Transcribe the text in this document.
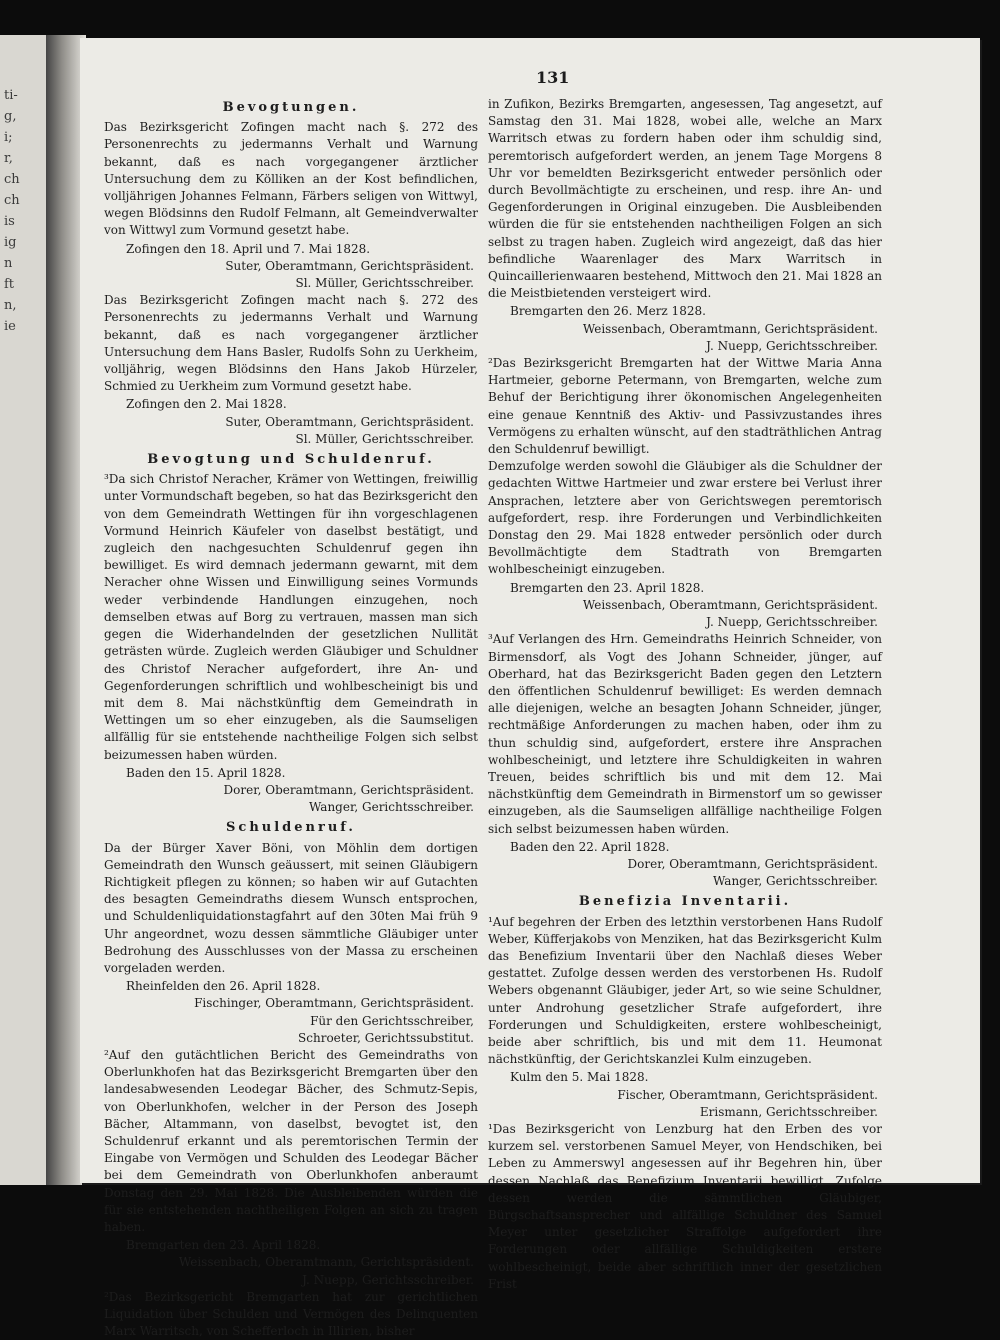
ti-
g,
i;
r,
ch
ch
is
ig
n
ft
n,
ie
131
Bevogtungen.
Das Bezirksgericht Zofingen macht nach §. 272 des Personenrechts zu jedermanns Verhalt und Warnung bekannt, daß es nach vorgegangener ärztlicher Untersuchung dem zu Kölliken an der Kost befindlichen, volljährigen Johannes Felmann, Färbers seligen von Wittwyl, wegen Blödsinns den Rudolf Felmann, alt Gemeindverwalter von Wittwyl zum Vormund gesetzt habe.
Zofingen den 18. April und 7. Mai 1828.
Suter, Oberamtmann, Gerichtspräsident.
Sl. Müller, Gerichtsschreiber.
Das Bezirksgericht Zofingen macht nach §. 272 des Personenrechts zu jedermanns Verhalt und Warnung bekannt, daß es nach vorgegangener ärztlicher Untersuchung dem Hans Basler, Rudolfs Sohn zu Uerkheim, volljährig, wegen Blödsinns den Hans Jakob Hürzeler, Schmied zu Uerkheim zum Vormund gesetzt habe.
Zofingen den 2. Mai 1828.
Suter, Oberamtmann, Gerichtspräsident.
Sl. Müller, Gerichtsschreiber.
Bevogtung und Schuldenruf.
³Da sich Christof Neracher, Krämer von Wettingen, freiwillig unter Vormundschaft begeben, so hat das Bezirksgericht den von dem Gemeindrath Wettingen für ihn vorgeschlagenen Vormund Heinrich Käufeler von daselbst bestätigt, und zugleich den nachgesuchten Schuldenruf gegen ihn bewilliget. Es wird demnach jedermann gewarnt, mit dem Neracher ohne Wissen und Einwilligung seines Vormunds weder verbindende Handlungen einzugehen, noch demselben etwas auf Borg zu vertrauen, massen man sich gegen die Widerhandelnden der gesetzlichen Nullität geträsten würde. Zugleich werden Gläubiger und Schuldner des Christof Neracher aufgefordert, ihre An- und Gegenforderungen schriftlich und wohlbescheinigt bis und mit dem 8. Mai nächstkünftig dem Gemeindrath in Wettingen um so eher einzugeben, als die Saumseligen allfällig für sie entstehende nachtheilige Folgen sich selbst beizumessen haben würden.
Baden den 15. April 1828.
Dorer, Oberamtmann, Gerichtspräsident.
Wanger, Gerichtsschreiber.
Schuldenruf.
Da der Bürger Xaver Böni, von Möhlin dem dortigen Gemeindrath den Wunsch geäussert, mit seinen Gläubigern Richtigkeit pflegen zu können; so haben wir auf Gutachten des besagten Gemeindraths diesem Wunsch entsprochen, und Schuldenliquidationstagfahrt auf den 30ten Mai früh 9 Uhr angeordnet, wozu dessen sämmtliche Gläubiger unter Bedrohung des Ausschlusses von der Massa zu erscheinen vorgeladen werden.
Rheinfelden den 26. April 1828.
Fischinger, Oberamtmann, Gerichtspräsident.
Für den Gerichtsschreiber,
Schroeter, Gerichtssubstitut.
²Auf den gutächtlichen Bericht des Gemeindraths von Oberlunkhofen hat das Bezirksgericht Bremgarten über den landesabwesenden Leodegar Bächer, des Schmutz-Sepis, von Oberlunkhofen, welcher in der Person des Joseph Bächer, Altammann, von daselbst, bevogtet ist, den Schuldenruf erkannt und als peremtorischen Termin der Eingabe von Vermögen und Schulden des Leodegar Bächer bei dem Gemeindrath von Oberlunkhofen anberaumt Donstag den 29. Mai 1828. Die Ausbleibenden würden die für sie entstehenden nachtheiligen Folgen an sich zu tragen haben.
Bremgarten den 23. April 1828.
Weissenbach, Oberamtmann, Gerichtspräsident.
J. Nuepp, Gerichtsschreiber.
²Das Bezirksgericht Bremgarten hat zur gerichtlichen Liquidation über Schulden und Vermögen des Delinquenten Marx Warritsch, von Schefferloch in Illirien, bisher
in Zufikon, Bezirks Bremgarten, angesessen, Tag angesetzt, auf Samstag den 31. Mai 1828, wobei alle, welche an Marx Warritsch etwas zu fordern haben oder ihm schuldig sind, peremtorisch aufgefordert werden, an jenem Tage Morgens 8 Uhr vor bemeldten Bezirksgericht entweder persönlich oder durch Bevollmächtigte zu erscheinen, und resp. ihre An- und Gegenforderungen in Original einzugeben. Die Ausbleibenden würden die für sie entstehenden nachtheiligen Folgen an sich selbst zu tragen haben. Zugleich wird angezeigt, daß das hier befindliche Waarenlager des Marx Warritsch in Quincaillerienwaaren bestehend, Mittwoch den 21. Mai 1828 an die Meistbietenden versteigert wird.
Bremgarten den 26. Merz 1828.
Weissenbach, Oberamtmann, Gerichtspräsident.
J. Nuepp, Gerichtsschreiber.
²Das Bezirksgericht Bremgarten hat der Wittwe Maria Anna Hartmeier, geborne Petermann, von Bremgarten, welche zum Behuf der Berichtigung ihrer ökonomischen Angelegenheiten eine genaue Kenntniß des Aktiv- und Passivzustandes ihres Vermögens zu erhalten wünscht, auf den stadträthlichen Antrag den Schuldenruf bewilligt.
Demzufolge werden sowohl die Gläubiger als die Schuldner der gedachten Wittwe Hartmeier und zwar erstere bei Verlust ihrer Ansprachen, letztere aber von Gerichtswegen peremtorisch aufgefordert, resp. ihre Forderungen und Verbindlichkeiten Donstag den 29. Mai 1828 entweder persönlich oder durch Bevollmächtigte dem Stadtrath von Bremgarten wohlbescheinigt einzugeben.
Bremgarten den 23. April 1828.
Weissenbach, Oberamtmann, Gerichtspräsident.
J. Nuepp, Gerichtsschreiber.
³Auf Verlangen des Hrn. Gemeindraths Heinrich Schneider, von Birmensdorf, als Vogt des Johann Schneider, jünger, auf Oberhard, hat das Bezirksgericht Baden gegen den Letztern den öffentlichen Schuldenruf bewilliget: Es werden demnach alle diejenigen, welche an besagten Johann Schneider, jünger, rechtmäßige Anforderungen zu machen haben, oder ihm zu thun schuldig sind, aufgefordert, erstere ihre Ansprachen wohlbescheinigt, und letztere ihre Schuldigkeiten in wahren Treuen, beides schriftlich bis und mit dem 12. Mai nächstkünftig dem Gemeindrath in Birmenstorf um so gewisser einzugeben, als die Saumseligen allfällige nachtheilige Folgen sich selbst beizumessen haben würden.
Baden den 22. April 1828.
Dorer, Oberamtmann, Gerichtspräsident.
Wanger, Gerichtsschreiber.
Benefizia Inventarii.
¹Auf begehren der Erben des letzthin verstorbenen Hans Rudolf Weber, Küfferjakobs von Menziken, hat das Bezirksgericht Kulm das Benefizium Inventarii über den Nachlaß dieses Weber gestattet. Zufolge dessen werden des verstorbenen Hs. Rudolf Webers obgenannt Gläubiger, jeder Art, so wie seine Schuldner, unter Androhung gesetzlicher Strafe aufgefordert, ihre Forderungen und Schuldigkeiten, erstere wohlbescheinigt, beide aber schriftlich, bis und mit dem 11. Heumonat nächstkünftig, der Gerichtskanzlei Kulm einzugeben.
Kulm den 5. Mai 1828.
Fischer, Oberamtmann, Gerichtspräsident.
Erismann, Gerichtsschreiber.
¹Das Bezirksgericht von Lenzburg hat den Erben des vor kurzem sel. verstorbenen Samuel Meyer, von Hendschiken, bei Leben zu Ammerswyl angesessen auf ihr Begehren hin, über dessen Nachlaß das Benefizium Inventarii bewilligt. Zufolge dessen werden die sämmtlichen Gläubiger, Bürgschaftsansprecher und allfällige Schuldner des Samuel Meyer unter gesetzlicher Straffolge aufgefordert ihre Forderungen oder allfällige Schuldigkeiten erstere wohlbescheinigt, beide aber schriftlich inner der gesetzlichen Frist
